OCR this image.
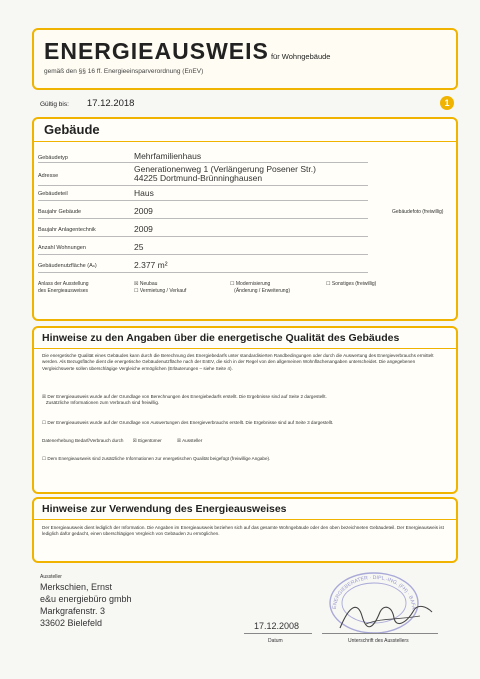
ENERGIEAUSWEIS für Wohngebäude
gemäß den §§ 16 ff. Energieeinsparverordnung (EnEV)
Gültig bis: 17.12.2018	1
Gebäude
Gebäudetyp	Mehrfamilienhaus
Adresse
Generationenweg 1 (Verlängerung Posener Str.)
44225 Dortmund-Brünninghausen
Gebäudeteil	Haus
Baujahr Gebäude	2009
Baujahr Anlagentechnik	2009
Anzahl Wohnungen	25
Gebäudenutzfläche (Aₙ)	2.377 m²
Gebäudefoto (freiwillig)
Anlass der Ausstellung
des Energieausweises
☒ Neubau
☐ Vermietung / Verkauf
☐ Modernisierung
(Änderung / Erweiterung)
☐ Sonstiges (freiwillig)
Hinweise zu den Angaben über die energetische Qualität des Gebäudes
Die energetische Qualität eines Gebäudes kann durch die Berechnung des Energiebedarfs unter standardisierten Randbedingungen oder durch die Auswertung des Energieverbrauchs ermittelt werden. Als Bezugsfläche dient die energetische Gebäudenutzfläche nach der EnEV, die sich in der Regel von den allgemeinen Wohnflächenangaben unterscheidet. Die angegebenen Vergleichswerte sollen überschlägige Vergleiche ermöglichen (Erläuterungen – siehe Seite 4).
☒ Der Energieausweis wurde auf der Grundlage von Berechnungen des Energiebedarfs erstellt. Die Ergebnisse sind auf Seite 2 dargestellt.
Zusätzliche Informationen zum Verbrauch sind freiwillig.
☐ Der Energieausweis wurde auf der Grundlage von Auswertungen des Energieverbrauchs erstellt. Die Ergebnisse sind auf Seite 3 dargestellt.
Datenerhebung Bedarf/Verbrauch durch ☒ Eigentümer	☒ Aussteller
☐ Dem Energieausweis sind zusätzliche Informationen zur energetischen Qualität beigefügt (freiwillige Angabe).
Hinweise zur Verwendung des Energieausweises
Der Energieausweis dient lediglich der Information. Die Angaben im Energieausweis beziehen sich auf das gesamte Wohngebäude oder den oben bezeichneten Gebäudeteil. Der Energieausweis ist lediglich dafür gedacht, einen überschlägigen Vergleich von Gebäuden zu ermöglichen.
Aussteller
Merkschien, Ernst
e&u energiebüro gmbh
Markgrafenstr. 3
33602 Bielefeld	17.12.2008
Datum
ENERGIEBERATER · DIPL.-ING. (FH) · BAFA
Unterschrift des Ausstellers
